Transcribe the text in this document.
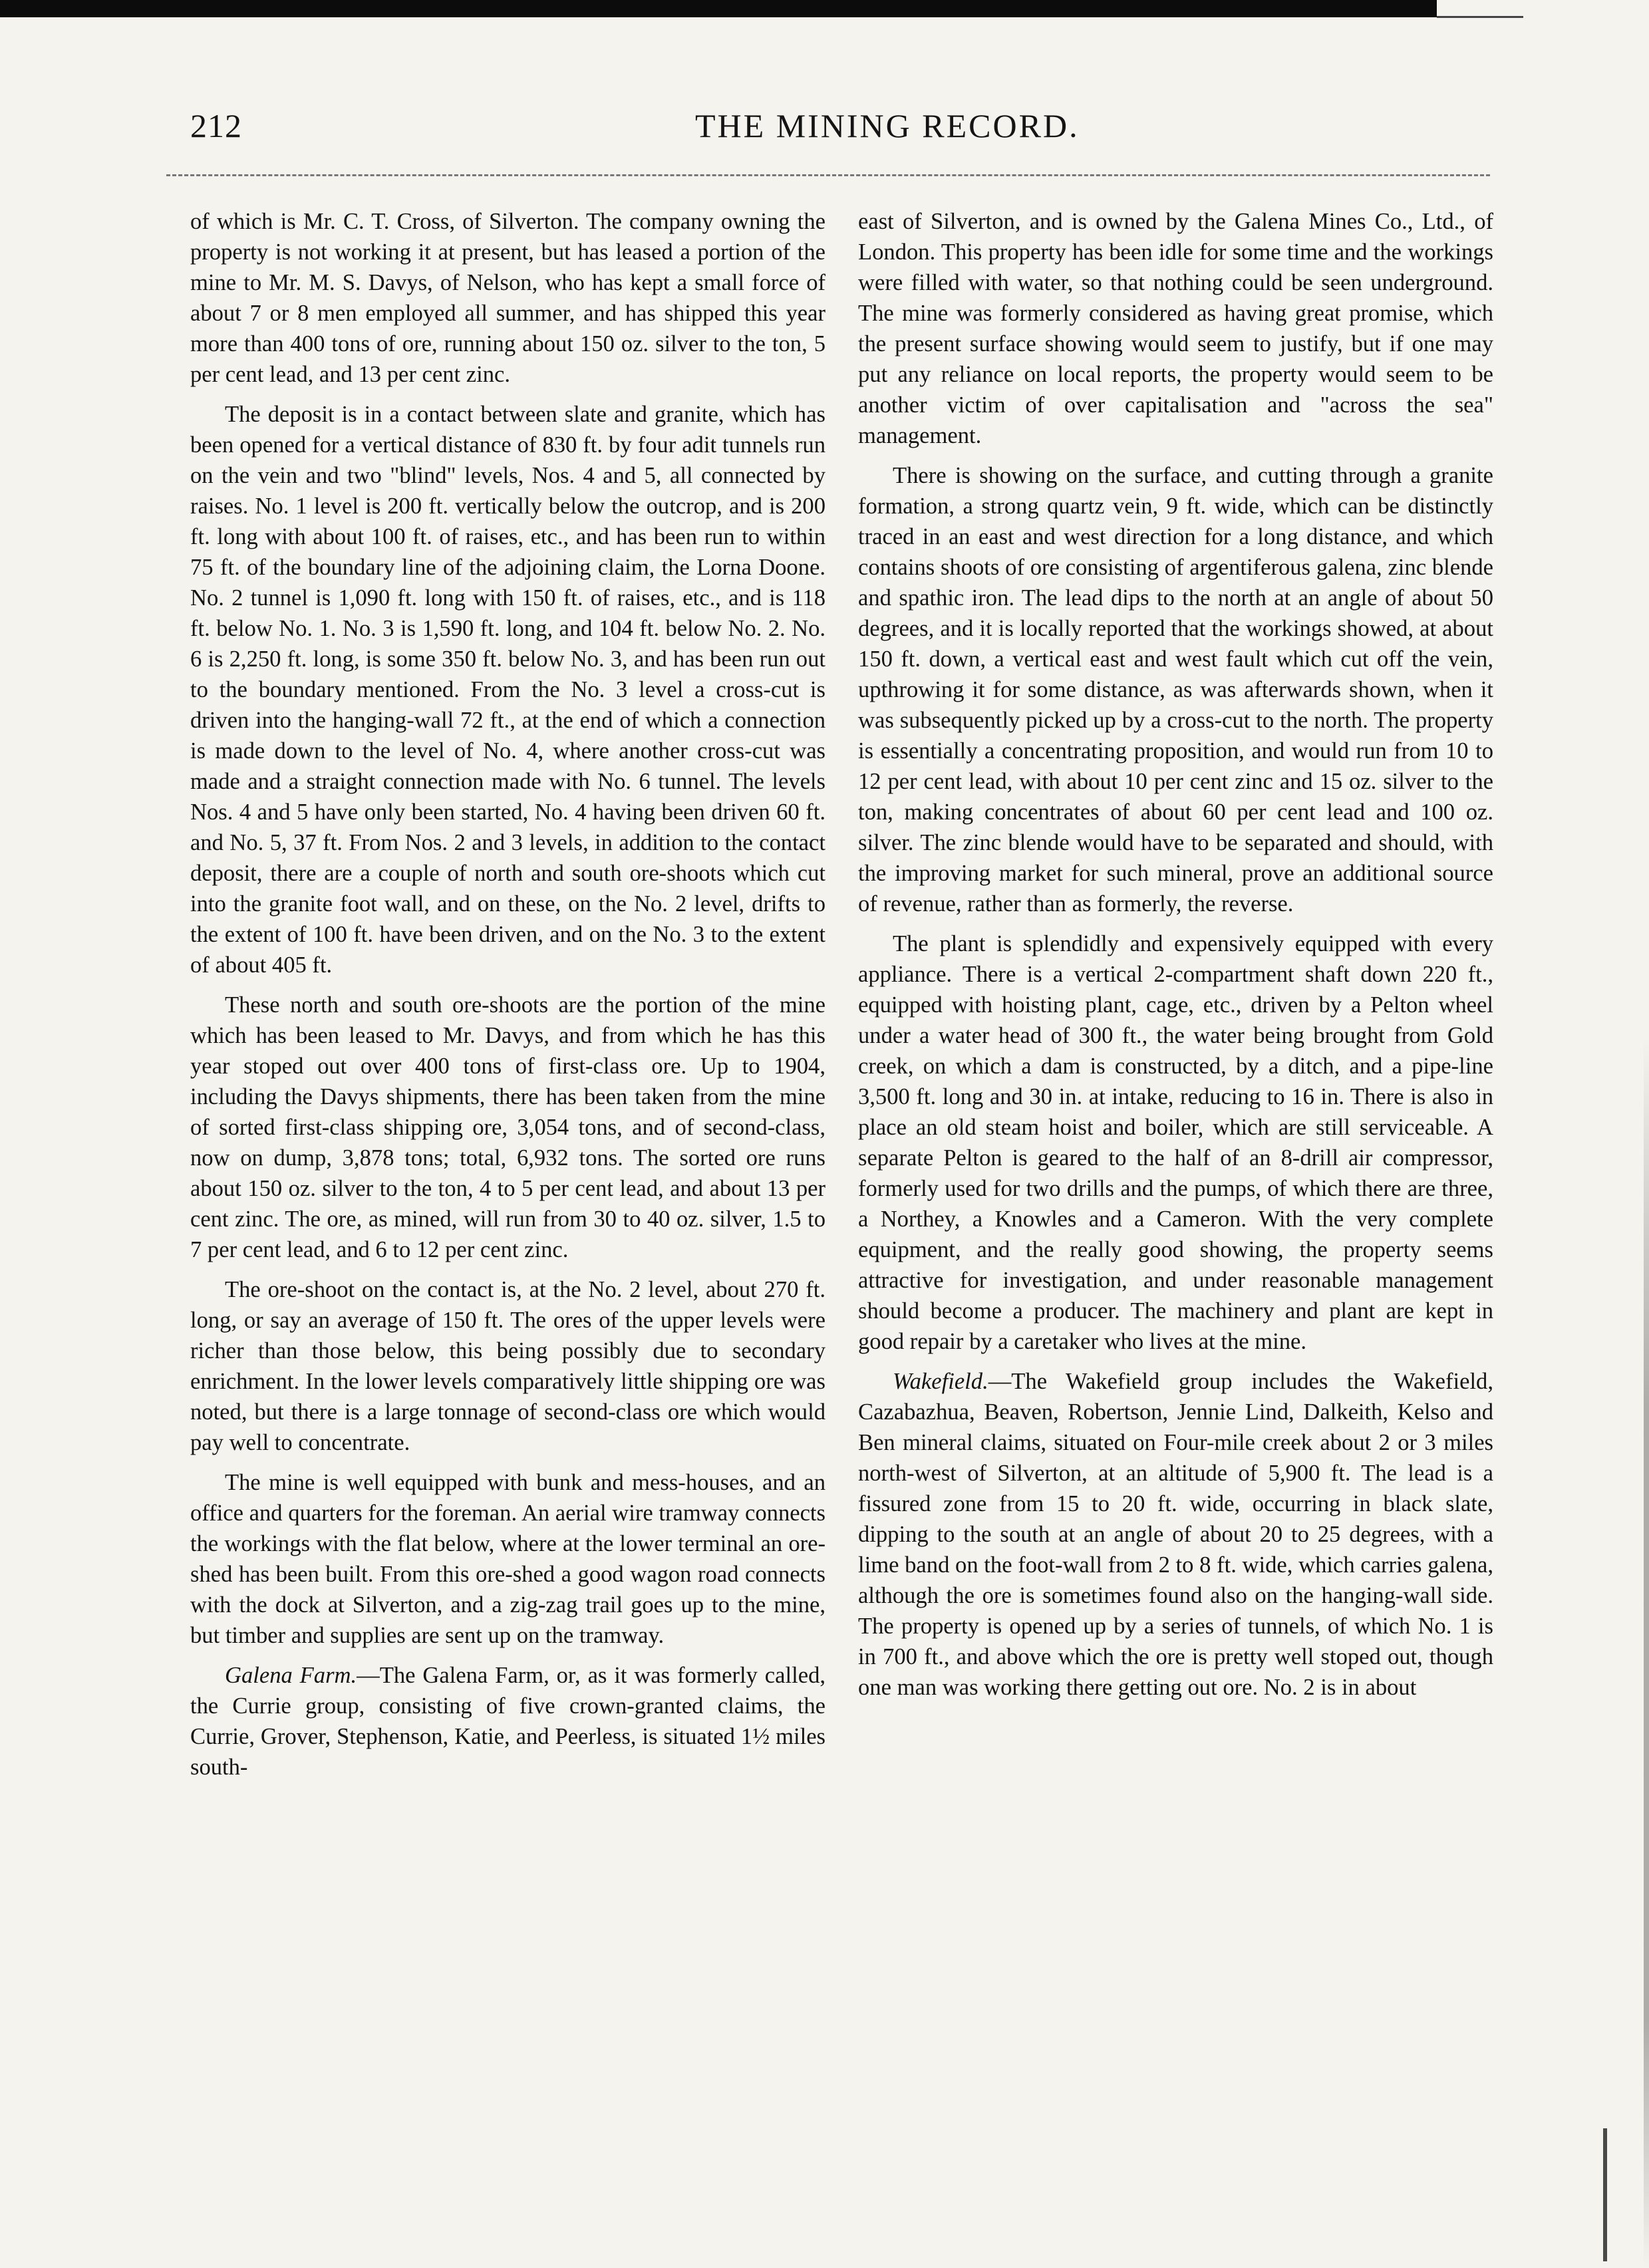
212	THE MINING RECORD.

of which is Mr. C. T. Cross, of Silverton. The company owning the property is not working it at present, but has leased a portion of the mine to Mr. M. S. Davys, of Nelson, who has kept a small force of about 7 or 8 men employed all summer, and has shipped this year more than 400 tons of ore, running about 150 oz. silver to the ton, 5 per cent lead, and 13 per cent zinc.

The deposit is in a contact between slate and granite, which has been opened for a vertical distance of 830 ft. by four adit tunnels run on the vein and two "blind" levels, Nos. 4 and 5, all connected by raises. No. 1 level is 200 ft. vertically below the outcrop, and is 200 ft. long with about 100 ft. of raises, etc., and has been run to within 75 ft. of the boundary line of the adjoining claim, the Lorna Doone. No. 2 tunnel is 1,090 ft. long with 150 ft. of raises, etc., and is 118 ft. below No. 1. No. 3 is 1,590 ft. long, and 104 ft. below No. 2. No. 6 is 2,250 ft. long, is some 350 ft. below No. 3, and has been run out to the boundary mentioned. From the No. 3 level a cross-cut is driven into the hanging-wall 72 ft., at the end of which a connection is made down to the level of No. 4, where another cross-cut was made and a straight connection made with No. 6 tunnel. The levels Nos. 4 and 5 have only been started, No. 4 having been driven 60 ft. and No. 5, 37 ft. From Nos. 2 and 3 levels, in addition to the contact deposit, there are a couple of north and south ore-shoots which cut into the granite foot wall, and on these, on the No. 2 level, drifts to the extent of 100 ft. have been driven, and on the No. 3 to the extent of about 405 ft.

These north and south ore-shoots are the portion of the mine which has been leased to Mr. Davys, and from which he has this year stoped out over 400 tons of first-class ore. Up to 1904, including the Davys shipments, there has been taken from the mine of sorted first-class shipping ore, 3,054 tons, and of second-class, now on dump, 3,878 tons; total, 6,932 tons. The sorted ore runs about 150 oz. silver to the ton, 4 to 5 per cent lead, and about 13 per cent zinc. The ore, as mined, will run from 30 to 40 oz. silver, 1.5 to 7 per cent lead, and 6 to 12 per cent zinc.

The ore-shoot on the contact is, at the No. 2 level, about 270 ft. long, or say an average of 150 ft. The ores of the upper levels were richer than those below, this being possibly due to secondary enrichment. In the lower levels comparatively little shipping ore was noted, but there is a large tonnage of second-class ore which would pay well to concentrate.

The mine is well equipped with bunk and mess-houses, and an office and quarters for the foreman. An aerial wire tramway connects the workings with the flat below, where at the lower terminal an ore-shed has been built. From this ore-shed a good wagon road connects with the dock at Silverton, and a zig-zag trail goes up to the mine, but timber and supplies are sent up on the tramway.

Galena Farm.—The Galena Farm, or, as it was formerly called, the Currie group, consisting of five crown-granted claims, the Currie, Grover, Stephenson, Katie, and Peerless, is situated 1½ miles south-

east of Silverton, and is owned by the Galena Mines Co., Ltd., of London. This property has been idle for some time and the workings were filled with water, so that nothing could be seen underground. The mine was formerly considered as having great promise, which the present surface showing would seem to justify, but if one may put any reliance on local reports, the property would seem to be another victim of over capitalisation and "across the sea" management.

There is showing on the surface, and cutting through a granite formation, a strong quartz vein, 9 ft. wide, which can be distinctly traced in an east and west direction for a long distance, and which contains shoots of ore consisting of argentiferous galena, zinc blende and spathic iron. The lead dips to the north at an angle of about 50 degrees, and it is locally reported that the workings showed, at about 150 ft. down, a vertical east and west fault which cut off the vein, upthrowing it for some distance, as was afterwards shown, when it was subsequently picked up by a cross-cut to the north. The property is essentially a concentrating proposition, and would run from 10 to 12 per cent lead, with about 10 per cent zinc and 15 oz. silver to the ton, making concentrates of about 60 per cent lead and 100 oz. silver. The zinc blende would have to be separated and should, with the improving market for such mineral, prove an additional source of revenue, rather than as formerly, the reverse.

The plant is splendidly and expensively equipped with every appliance. There is a vertical 2-compartment shaft down 220 ft., equipped with hoisting plant, cage, etc., driven by a Pelton wheel under a water head of 300 ft., the water being brought from Gold creek, on which a dam is constructed, by a ditch, and a pipe-line 3,500 ft. long and 30 in. at intake, reducing to 16 in. There is also in place an old steam hoist and boiler, which are still serviceable. A separate Pelton is geared to the half of an 8-drill air compressor, formerly used for two drills and the pumps, of which there are three, a Northey, a Knowles and a Cameron. With the very complete equipment, and the really good showing, the property seems attractive for investigation, and under reasonable management should become a producer. The machinery and plant are kept in good repair by a caretaker who lives at the mine.

Wakefield.—The Wakefield group includes the Wakefield, Cazabazhua, Beaven, Robertson, Jennie Lind, Dalkeith, Kelso and Ben mineral claims, situated on Four-mile creek about 2 or 3 miles north-west of Silverton, at an altitude of 5,900 ft. The lead is a fissured zone from 15 to 20 ft. wide, occurring in black slate, dipping to the south at an angle of about 20 to 25 degrees, with a lime band on the foot-wall from 2 to 8 ft. wide, which carries galena, although the ore is sometimes found also on the hanging-wall side. The property is opened up by a series of tunnels, of which No. 1 is in 700 ft., and above which the ore is pretty well stoped out, though one man was working there getting out ore. No. 2 is in about
